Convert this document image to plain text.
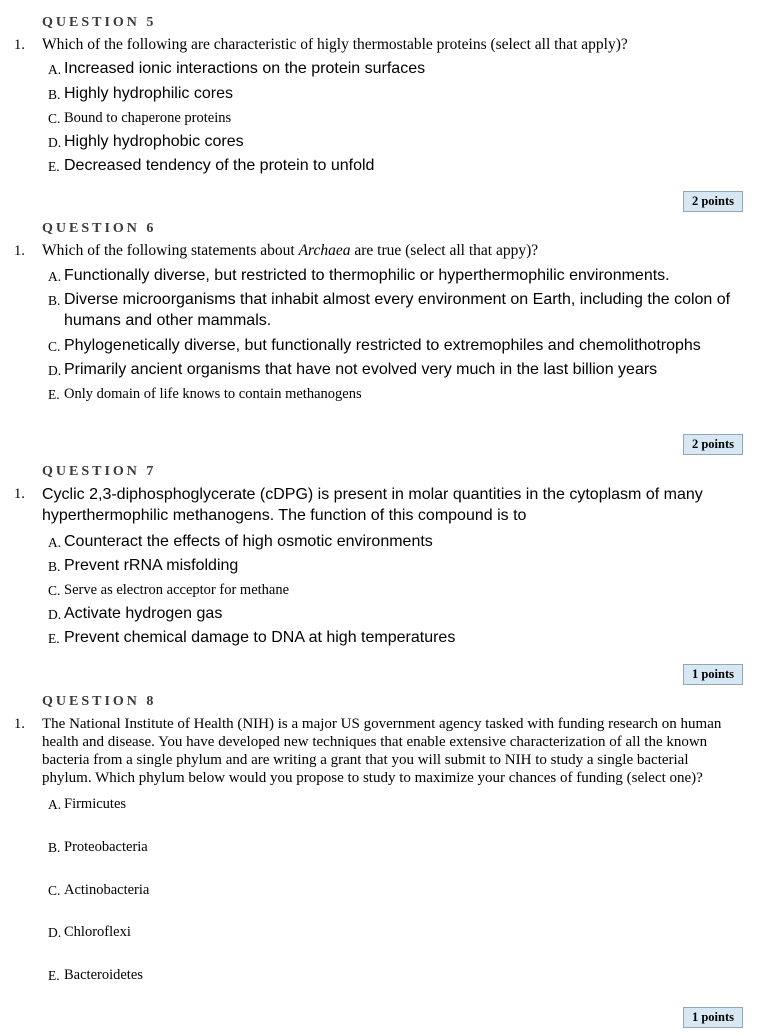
QUESTION 5
1.	Which of the following are characteristic of higly thermostable proteins (select all that apply)?
A. Increased ionic interactions on the protein surfaces
B. Highly hydrophilic cores
C. Bound to chaperone proteins
D. Highly hydrophobic cores
E. Decreased tendency of the protein to unfold
2 points
QUESTION 6
1.	Which of the following statements about Archaea are true (select all that appy)?
A. Functionally diverse, but restricted to thermophilic or hyperthermophilic environments.
B. Diverse microorganisms that inhabit almost every environment on Earth, including the colon of humans and other mammals.
C. Phylogenetically diverse, but functionally restricted to extremophiles and chemolithotrophs
D. Primarily ancient organisms that have not evolved very much in the last billion years
E. Only domain of life knows to contain methanogens
2 points
QUESTION 7
1.	Cyclic 2,3-diphosphoglycerate (cDPG) is present in molar quantities in the cytoplasm of many hyperthermophilic methanogens. The function of this compound is to
A. Counteract the effects of high osmotic environments
B. Prevent rRNA misfolding
C. Serve as electron acceptor for methane
D. Activate hydrogen gas
E. Prevent chemical damage to DNA at high temperatures
1 points
QUESTION 8
1.	The National Institute of Health (NIH) is a major US government agency tasked with funding research on human health and disease. You have developed new techniques that enable extensive characterization of all the known bacteria from a single phylum and are writing a grant that you will submit to NIH to study a single bacterial phylum. Which phylum below would you propose to study to maximize your chances of funding (select one)?
A. Firmicutes
B. Proteobacteria
C. Actinobacteria
D. Chloroflexi
E. Bacteroidetes
1 points
